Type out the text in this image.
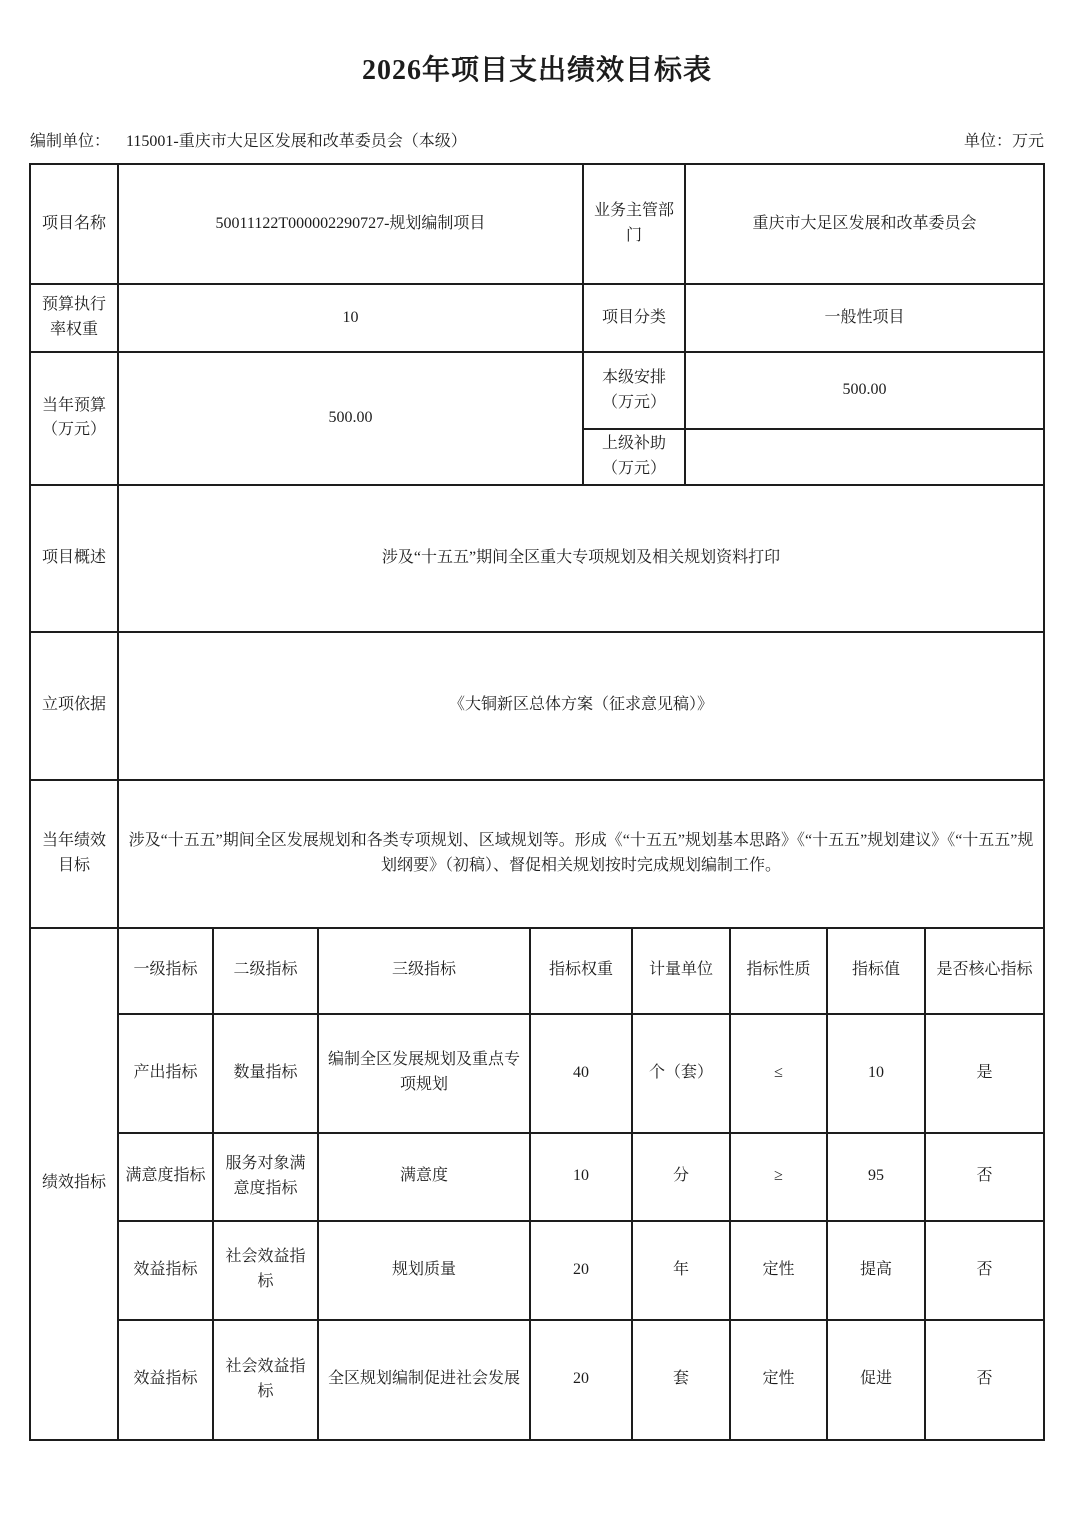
2026年项目支出绩效目标表
编制单位： 115001-重庆市大足区发展和改革委员会（本级）	单位：万元
项目名称	50011122T000002290727-规划编制项目				业务主管部门		重庆市大足区发展和改革委员会			
预算执行率权重	10				项目分类		一般性项目			
当年预算（万元）	500.00				本级安排（万元）		500.00			
					上级补助（万元）					
项目概述	涉及“十五五”期间全区重大专项规划及相关规划资料打印									
立项依据	《大铜新区总体方案（征求意见稿）》									
当年绩效目标	涉及“十五五”期间全区发展规划和各类专项规划、区域规划等。形成《“十五五”规划基本思路》《“十五五”规划建议》《“十五五”规划纲要》（初稿）、督促相关规划按时完成规划编制工作。									
绩效指标	一级指标	二级指标	三级指标	指标权重		计量单位		指标性质	指标值	是否核心指标
	产出指标	数量指标	编制全区发展规划及重点专项规划	40		个（套）		≤	10	是
	满意度指标	服务对象满意度指标	满意度	10		分		≥	95	否
	效益指标	社会效益指标	规划质量	20		年		定性	提高	否
	效益指标	社会效益指标	全区规划编制促进社会发展	20		套		定性	促进	否
